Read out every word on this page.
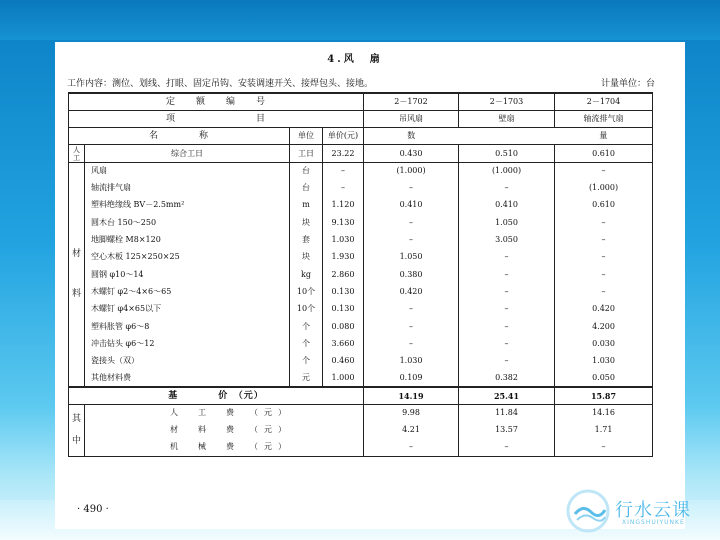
4.风　扇
工作内容：测位、划线、打眼、固定吊钩、安装调速开关、接焊包头、接地。	计量单位：台
定　　额　　编　　号				2－1702	2－1703	2－1704
项　　　　　　　　目				吊风扇	壁扇	轴流排气扇
名　　　　称		单位	单价(元)	数		量
人工	综合工日	工日	23.22	0.430	0.510	0.610
材
料	风扇	台	–	(1.000)	(1.000)	–
	轴流排气扇	台	–	–	–	(1.000)
	塑料绝缘线 BV－2.5mm²	m	1.120	0.410	0.410	0.610
	圆木台 150～250	块	9.130	–	1.050	–
	地脚螺栓 M8×120	套	1.030	–	3.050	–
	空心木板 125×250×25	块	1.930	1.050	–	–
	圆钢 φ10～14	kg	2.860	0.380	–	–
	木螺钉 φ2～4×6～65	10个	0.130	0.420	–	–
	木螺钉 φ4×65以下	10个	0.130	–	–	0.420
	塑料胀管 φ6～8	个	0.080	–	–	4.200
	冲击钻头 φ6～12	个	3.660	–	–	0.030
	瓷接头（双）	个	0.460	1.030	–	1.030
	其他材料费	元	1.000	0.109	0.382	0.050
基　　　　价　（元）				14.19	25.41	15.87
其
中	人　工　费　（元）			9.98	11.84	14.16
	材　料　费　（元）			4.21	13.57	1.71
	机　械　费　（元）			–	–	–
· 490 ·	行水云课
XINGSHUIYUNKE
